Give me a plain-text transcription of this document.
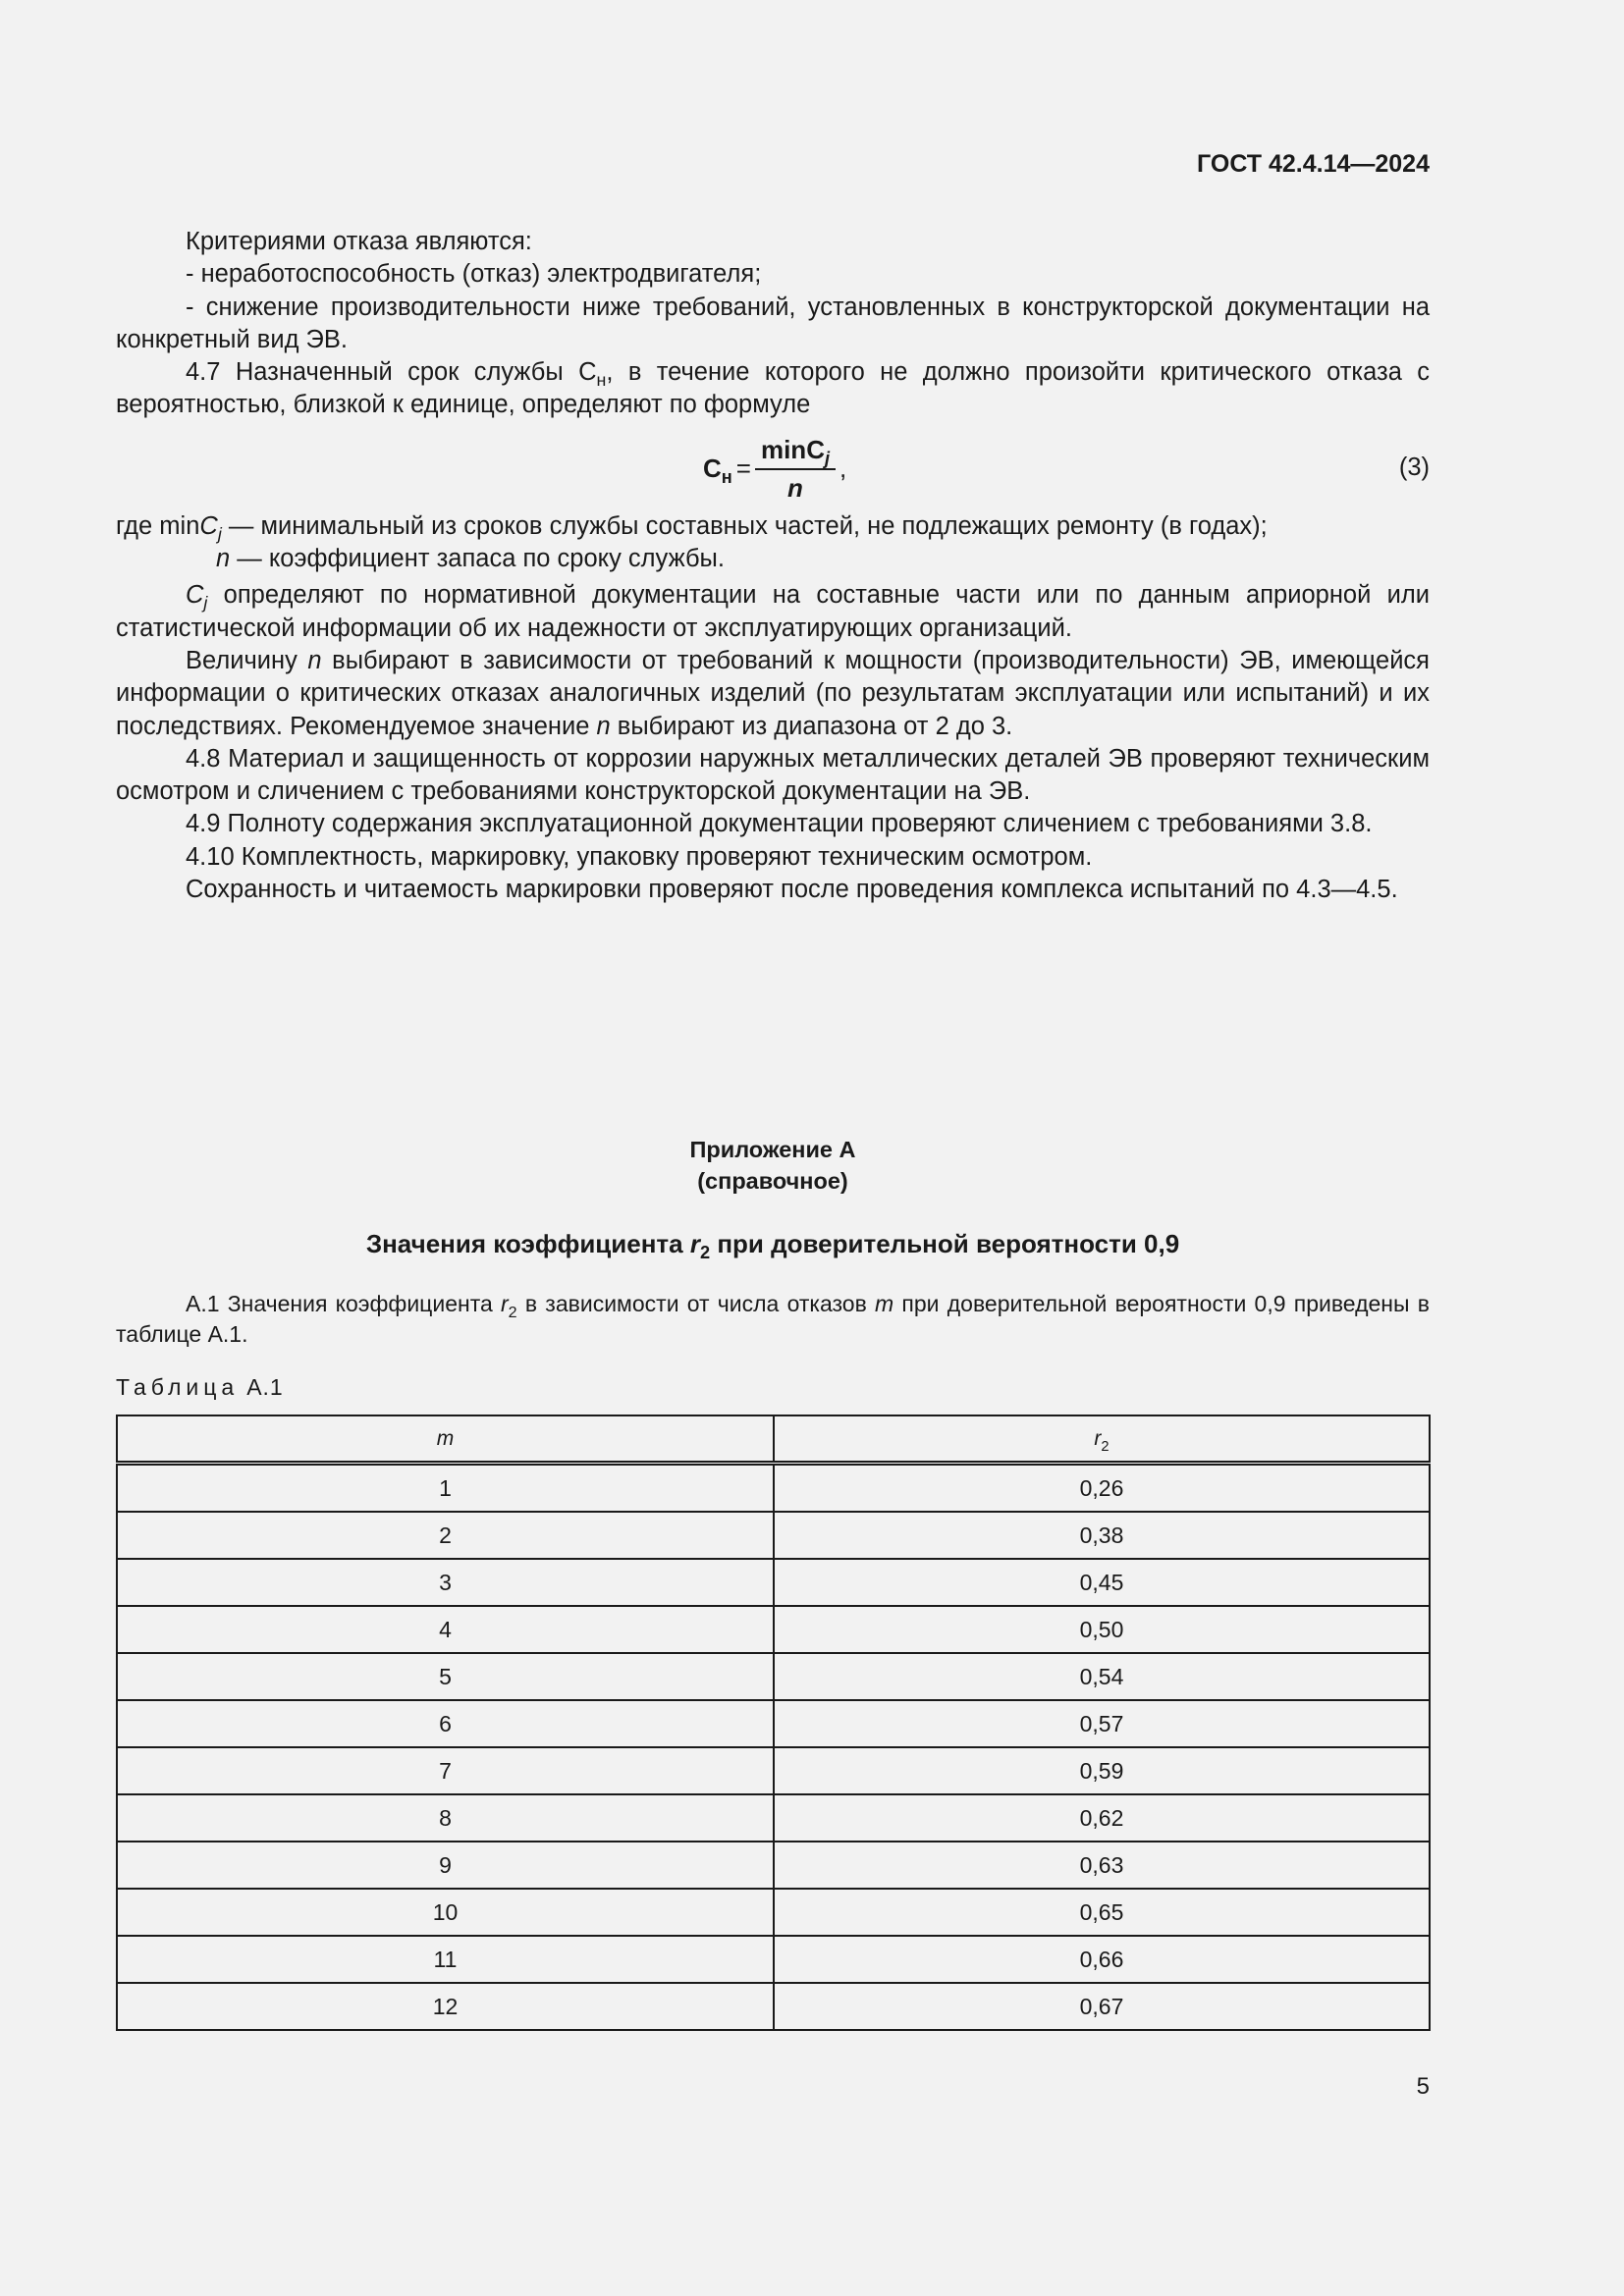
ГОСТ 42.4.14—2024

Критериями отказа являются:

- неработоспособность (отказ) электродвигателя;

- снижение производительности ниже требований, установленных в конструкторской документации на конкретный вид ЭВ.

4.7 Назначенный срок службы $С_н$, в течение которого не должно произойти критического отказа с вероятностью, близкой к единице, определяют по формуле

$С_н = \frac{\min C_j}{n}$ ,	(3)

где minC$_j$ — минимальный из сроков службы составных частей, не подлежащих ремонту (в годах);

n — коэффициент запаса по сроку службы.

$C_j$ определяют по нормативной документации на составные части или по данным априорной или статистической информации об их надежности от эксплуатирующих организаций.

Величину n выбирают в зависимости от требований к мощности (производительности) ЭВ, имеющейся информации о критических отказах аналогичных изделий (по результатам эксплуатации или испытаний) и их последствиях. Рекомендуемое значение n выбирают из диапазона от 2 до 3.

4.8 Материал и защищенность от коррозии наружных металлических деталей ЭВ проверяют техническим осмотром и сличением с требованиями конструкторской документации на ЭВ.

4.9 Полноту содержания эксплуатационной документации проверяют сличением с требованиями 3.8.

4.10 Комплектность, маркировку, упаковку проверяют техническим осмотром.

Сохранность и читаемость маркировки проверяют после проведения комплекса испытаний по 4.3—4.5.

Приложение А
(справочное)
Значения коэффициента $r_2$ при доверительной вероятности 0,9

А.1 Значения коэффициента $r_2$ в зависимости от числа отказов m при доверительной вероятности 0,9 приведены в таблице А.1.

Таблица А.1
m	$r_2$
1	0,26
2	0,38
3	0,45
4	0,50
5	0,54
6	0,57
7	0,59
8	0,62
9	0,63
10	0,65
11	0,66
12	0,67
5
